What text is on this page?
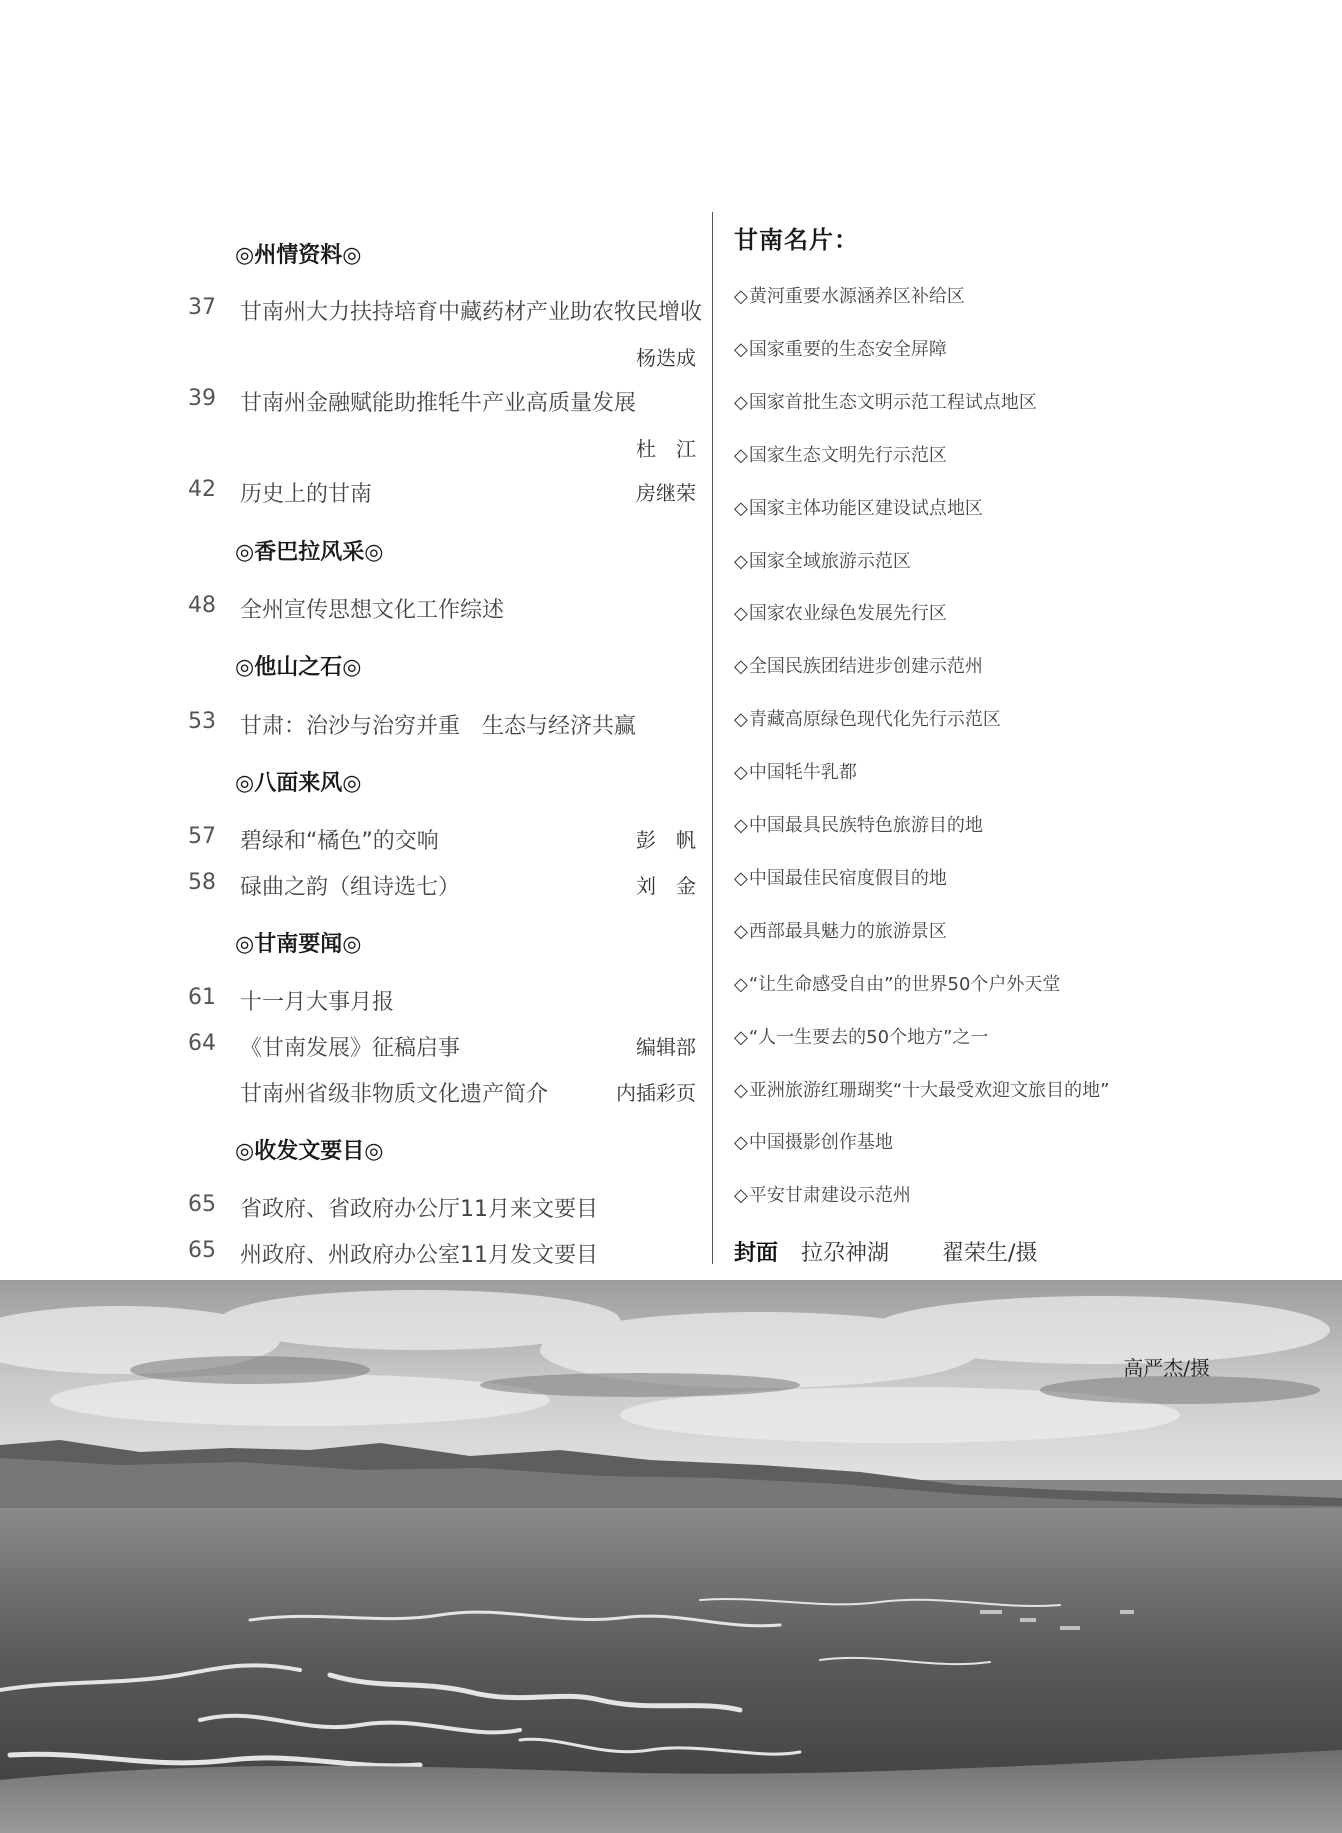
◎州情资料◎
37 甘南州大力扶持培育中藏药材产业助农牧民增收
杨迭成
39 甘南州金融赋能助推牦牛产业高质量发展
杜　江
42 历史上的甘南	房继荣
◎香巴拉风采◎
48 全州宣传思想文化工作综述
◎他山之石◎
53 甘肃：治沙与治穷并重　生态与经济共赢
◎八面来风◎
57 碧绿和“橘色”的交响	彭　帆
58 碌曲之韵（组诗选七）	刘　金
◎甘南要闻◎
61 十一月大事月报
64 《甘南发展》征稿启事	编辑部
甘南州省级非物质文化遗产简介	内插彩页
◎收发文要目◎
65 省政府、省政府办公厅11月来文要目
65 州政府、州政府办公室11月发文要目
甘南名片：
◇黄河重要水源涵养区补给区
◇国家重要的生态安全屏障
◇国家首批生态文明示范工程试点地区
◇国家生态文明先行示范区
◇国家主体功能区建设试点地区
◇国家全域旅游示范区
◇国家农业绿色发展先行区
◇全国民族团结进步创建示范州
◇青藏高原绿色现代化先行示范区
◇中国牦牛乳都
◇中国最具民族特色旅游目的地
◇中国最佳民宿度假目的地
◇西部最具魅力的旅游景区
◇“让生命感受自由”的世界50个户外天堂
◇“人一生要去的50个地方”之一
◇亚洲旅游红珊瑚奖“十大最受欢迎文旅目的地”
◇中国摄影创作基地
◇平安甘肃建设示范州
封面 拉尕神湖 翟荣生/摄
高严杰/摄
